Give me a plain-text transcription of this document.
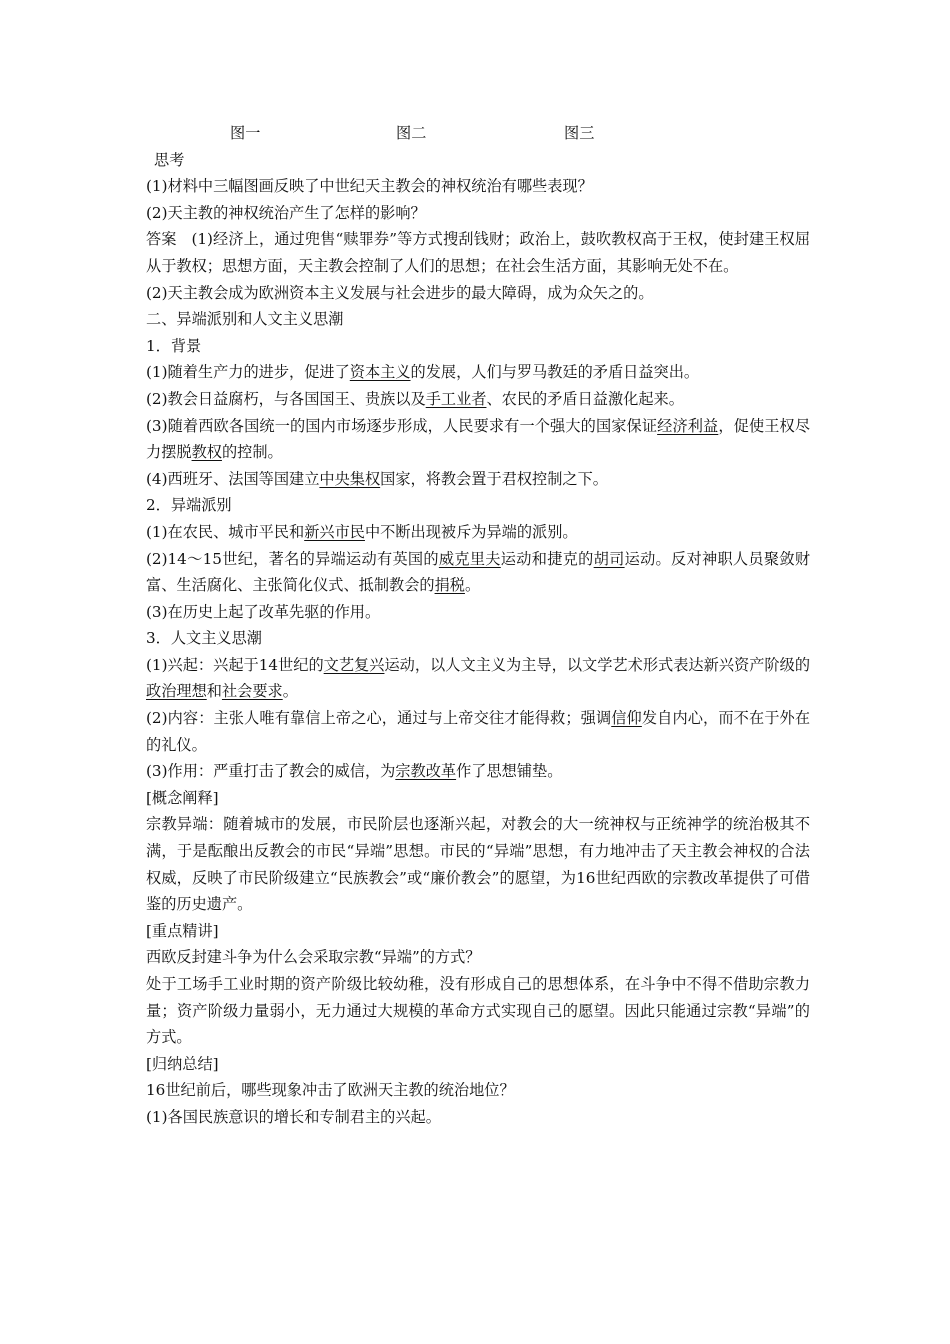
图一	图二	图三

思考

(1)材料中三幅图画反映了中世纪天主教会的神权统治有哪些表现？

(2)天主教的神权统治产生了怎样的影响？

答案 (1)经济上，通过兜售“赎罪券”等方式搜刮钱财；政治上，鼓吹教权高于王权，使封建王权屈从于教权；思想方面，天主教会控制了人们的思想；在社会生活方面，其影响无处不在。

(2)天主教会成为欧洲资本主义发展与社会进步的最大障碍，成为众矢之的。

二、异端派别和人文主义思潮

1．背景

(1)随着生产力的进步，促进了资本主义的发展，人们与罗马教廷的矛盾日益突出。

(2)教会日益腐朽，与各国国王、贵族以及手工业者、农民的矛盾日益激化起来。

(3)随着西欧各国统一的国内市场逐步形成，人民要求有一个强大的国家保证经济利益，促使王权尽力摆脱教权的控制。

(4)西班牙、法国等国建立中央集权国家，将教会置于君权控制之下。

2．异端派别

(1)在农民、城市平民和新兴市民中不断出现被斥为异端的派别。

(2)14～15世纪，著名的异端运动有英国的威克里夫运动和捷克的胡司运动。反对神职人员聚敛财富、生活腐化、主张简化仪式、抵制教会的捐税。

(3)在历史上起了改革先驱的作用。

3．人文主义思潮

(1)兴起：兴起于14世纪的文艺复兴运动，以人文主义为主导，以文学艺术形式表达新兴资产阶级的政治理想和社会要求。

(2)内容：主张人唯有靠信上帝之心，通过与上帝交往才能得救；强调信仰发自内心，而不在于外在的礼仪。

(3)作用：严重打击了教会的威信，为宗教改革作了思想铺垫。

[概念阐释]

宗教异端：随着城市的发展，市民阶层也逐渐兴起，对教会的大一统神权与正统神学的统治极其不满，于是酝酿出反教会的市民“异端”思想。市民的“异端”思想，有力地冲击了天主教会神权的合法权威，反映了市民阶级建立“民族教会”或“廉价教会”的愿望，为16世纪西欧的宗教改革提供了可借鉴的历史遗产。

[重点精讲]

西欧反封建斗争为什么会采取宗教“异端”的方式？

处于工场手工业时期的资产阶级比较幼稚，没有形成自己的思想体系，在斗争中不得不借助宗教力量；资产阶级力量弱小，无力通过大规模的革命方式实现自己的愿望。因此只能通过宗教“异端”的方式。

[归纳总结]

16世纪前后，哪些现象冲击了欧洲天主教的统治地位？

(1)各国民族意识的增长和专制君主的兴起。
